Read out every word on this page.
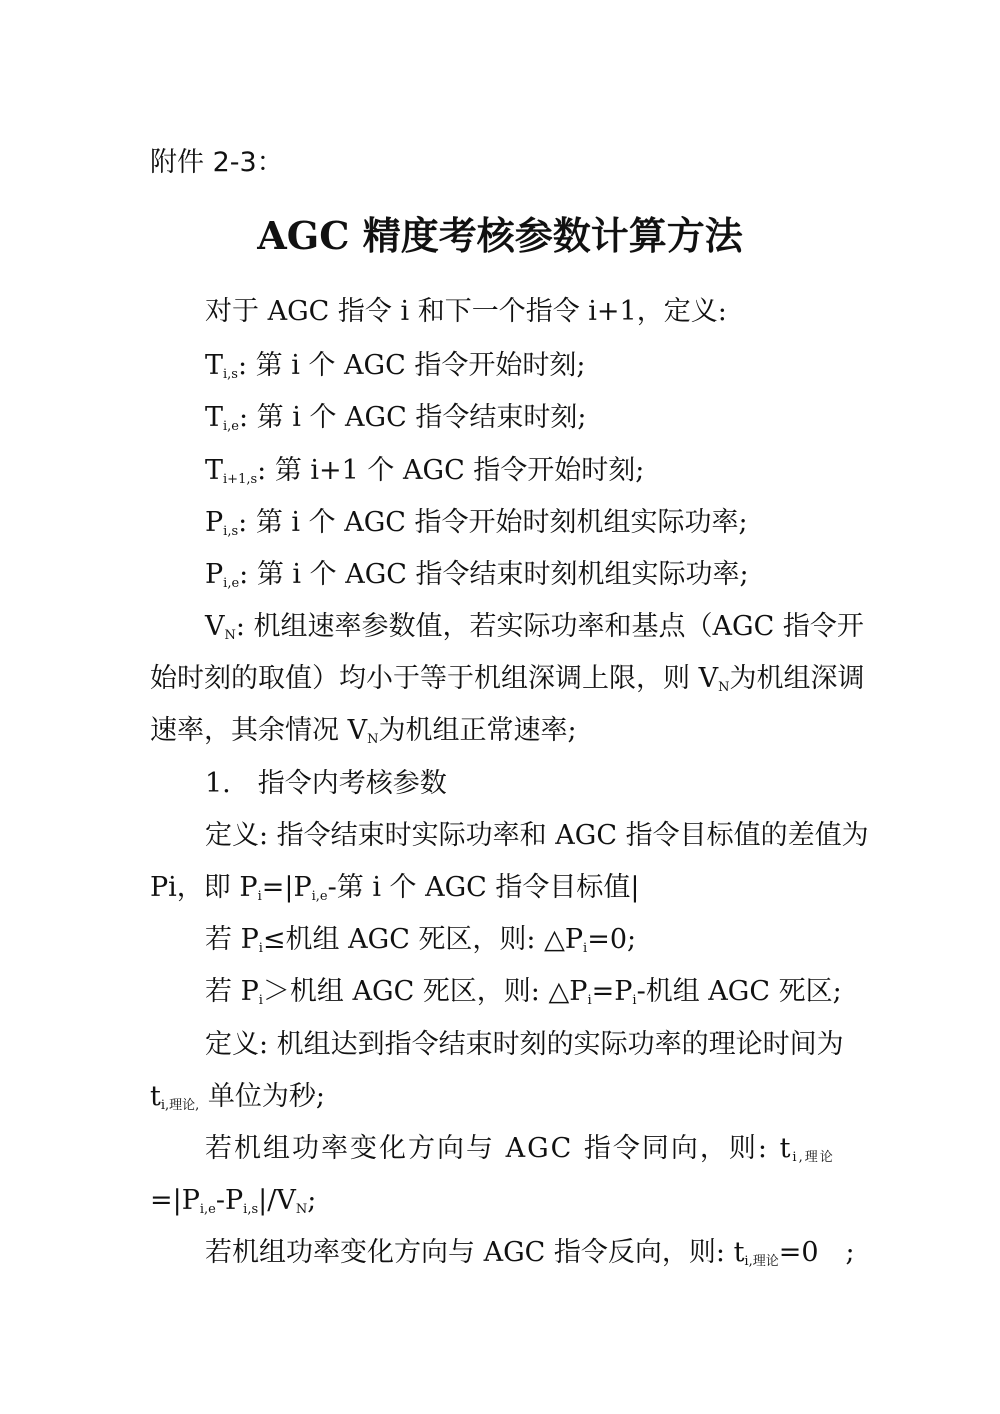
附件 2-3：
AGC 精度考核参数计算方法
对于 AGC 指令 i 和下一个指令 i+1，定义:
$T_{i,s}$: 第 i 个 AGC 指令开始时刻;
$T_{i,e}$: 第 i 个 AGC 指令结束时刻;
$T_{i+1,s}$: 第 i+1 个 AGC 指令开始时刻;
$P_{i,s}$: 第 i 个 AGC 指令开始时刻机组实际功率;
$P_{i,e}$: 第 i 个 AGC 指令结束时刻机组实际功率;
$V_N$: 机组速率参数值，若实际功率和基点（AGC 指令开
始时刻的取值）均小于等于机组深调上限，则 $V_N$为机组深调
速率，其余情况 $V_N$为机组正常速率;
1.　指令内考核参数
定义: 指令结束时实际功率和 AGC 指令目标值的差值为
Pi，即 $P_i=|P_{i,e}-$第 i 个 AGC 指令目标值|
若 $P_i\le$机组 AGC 死区，则: $\triangle P_i=0$;
若 $P_i>$机组 AGC 死区，则: $\triangle P_i=P_i-$机组 AGC 死区;
定义: 机组达到指令结束时刻的实际功率的理论时间为
$t_{i,理论,}$ 单位为秒;
若机组功率变化方向与 AGC 指令同向，则: $t_{i,理论}$
$=|P_{i,e}-P_{i,s}|/V_N$;
若机组功率变化方向与 AGC 指令反向，则: $t_{i,理论}=0$　;
